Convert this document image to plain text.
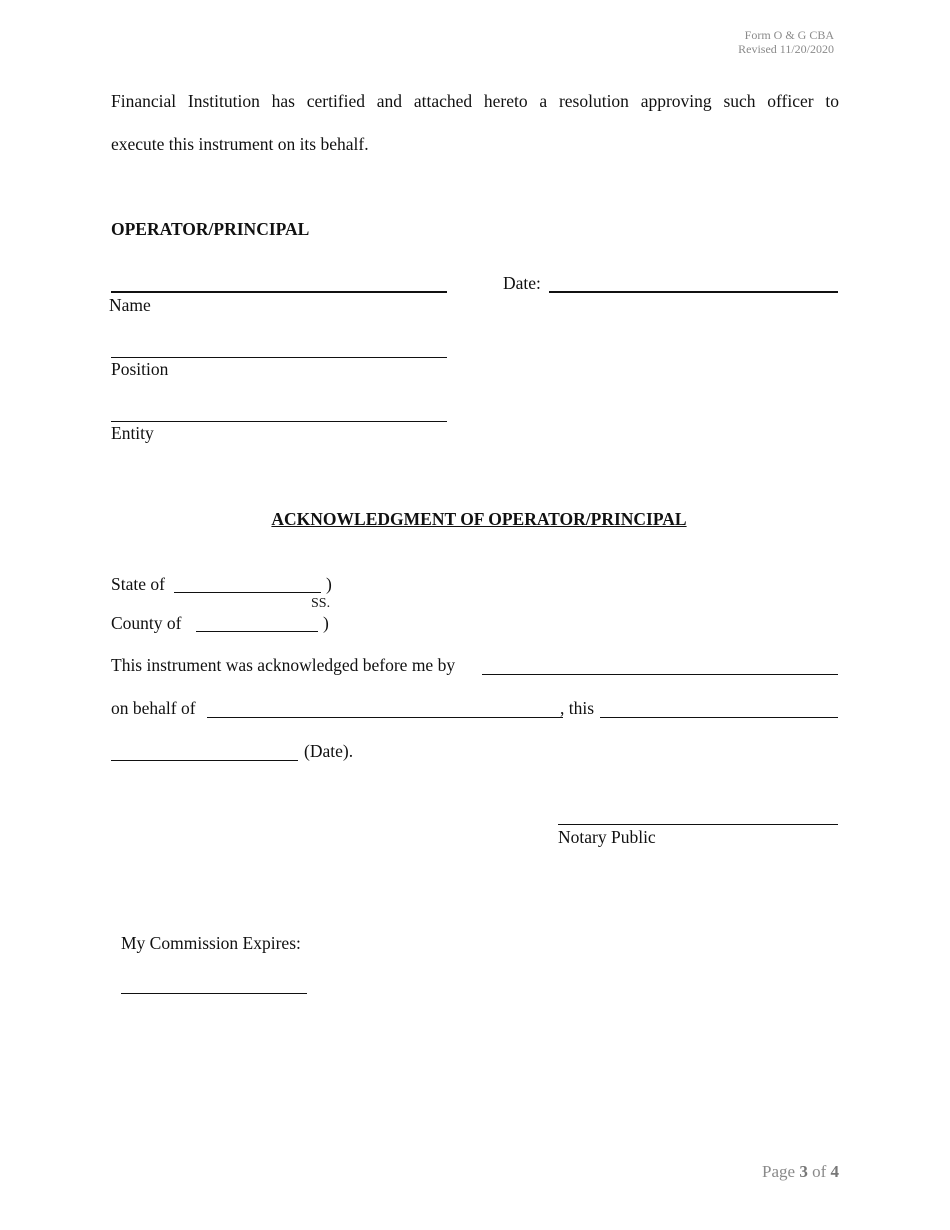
Form O & G CBA
Revised 11/20/2020
Financial Institution has certified and attached hereto a resolution approving such officer to
execute this instrument on its behalf.
OPERATOR/PRINCIPAL
Name
Date:
Position
Entity
ACKNOWLEDGMENT OF OPERATOR/PRINCIPAL
State of	)
SS.
County of	)
This instrument was acknowledged before me by
on behalf of	, this
(Date).
Notary Public
My Commission Expires:
Page 3 of 4
